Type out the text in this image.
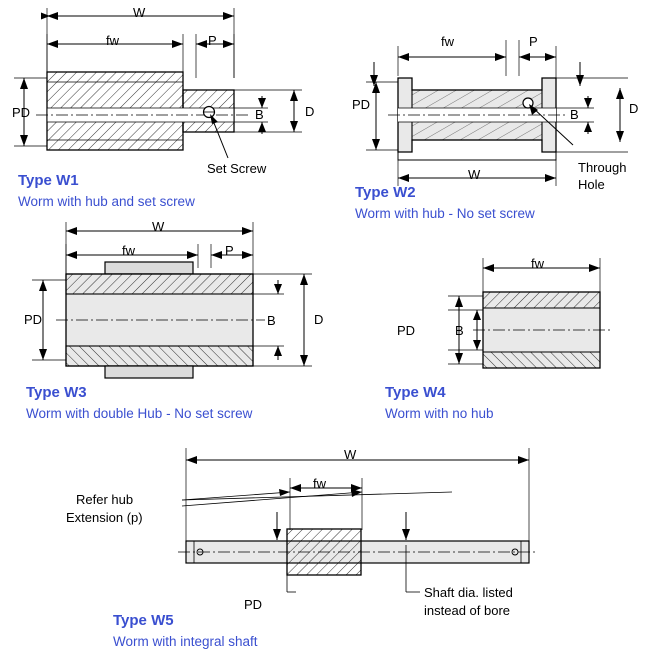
W
fw	P
PD	B	D
Set Screw
Type W1
Worm with hub and set screw
fw	P
PD
B	D
W	Through
Hole
Type W2
Worm with hub - No set screw
W
fw	P
PD	B	D
Type W3
Worm with double Hub - No set screw
fw
PD	B
Type W4
Worm with no hub
W
fw
Refer hub
Extension (p)
PD
Shaft dia. listed
instead of bore
Type W5
Worm with integral shaft
